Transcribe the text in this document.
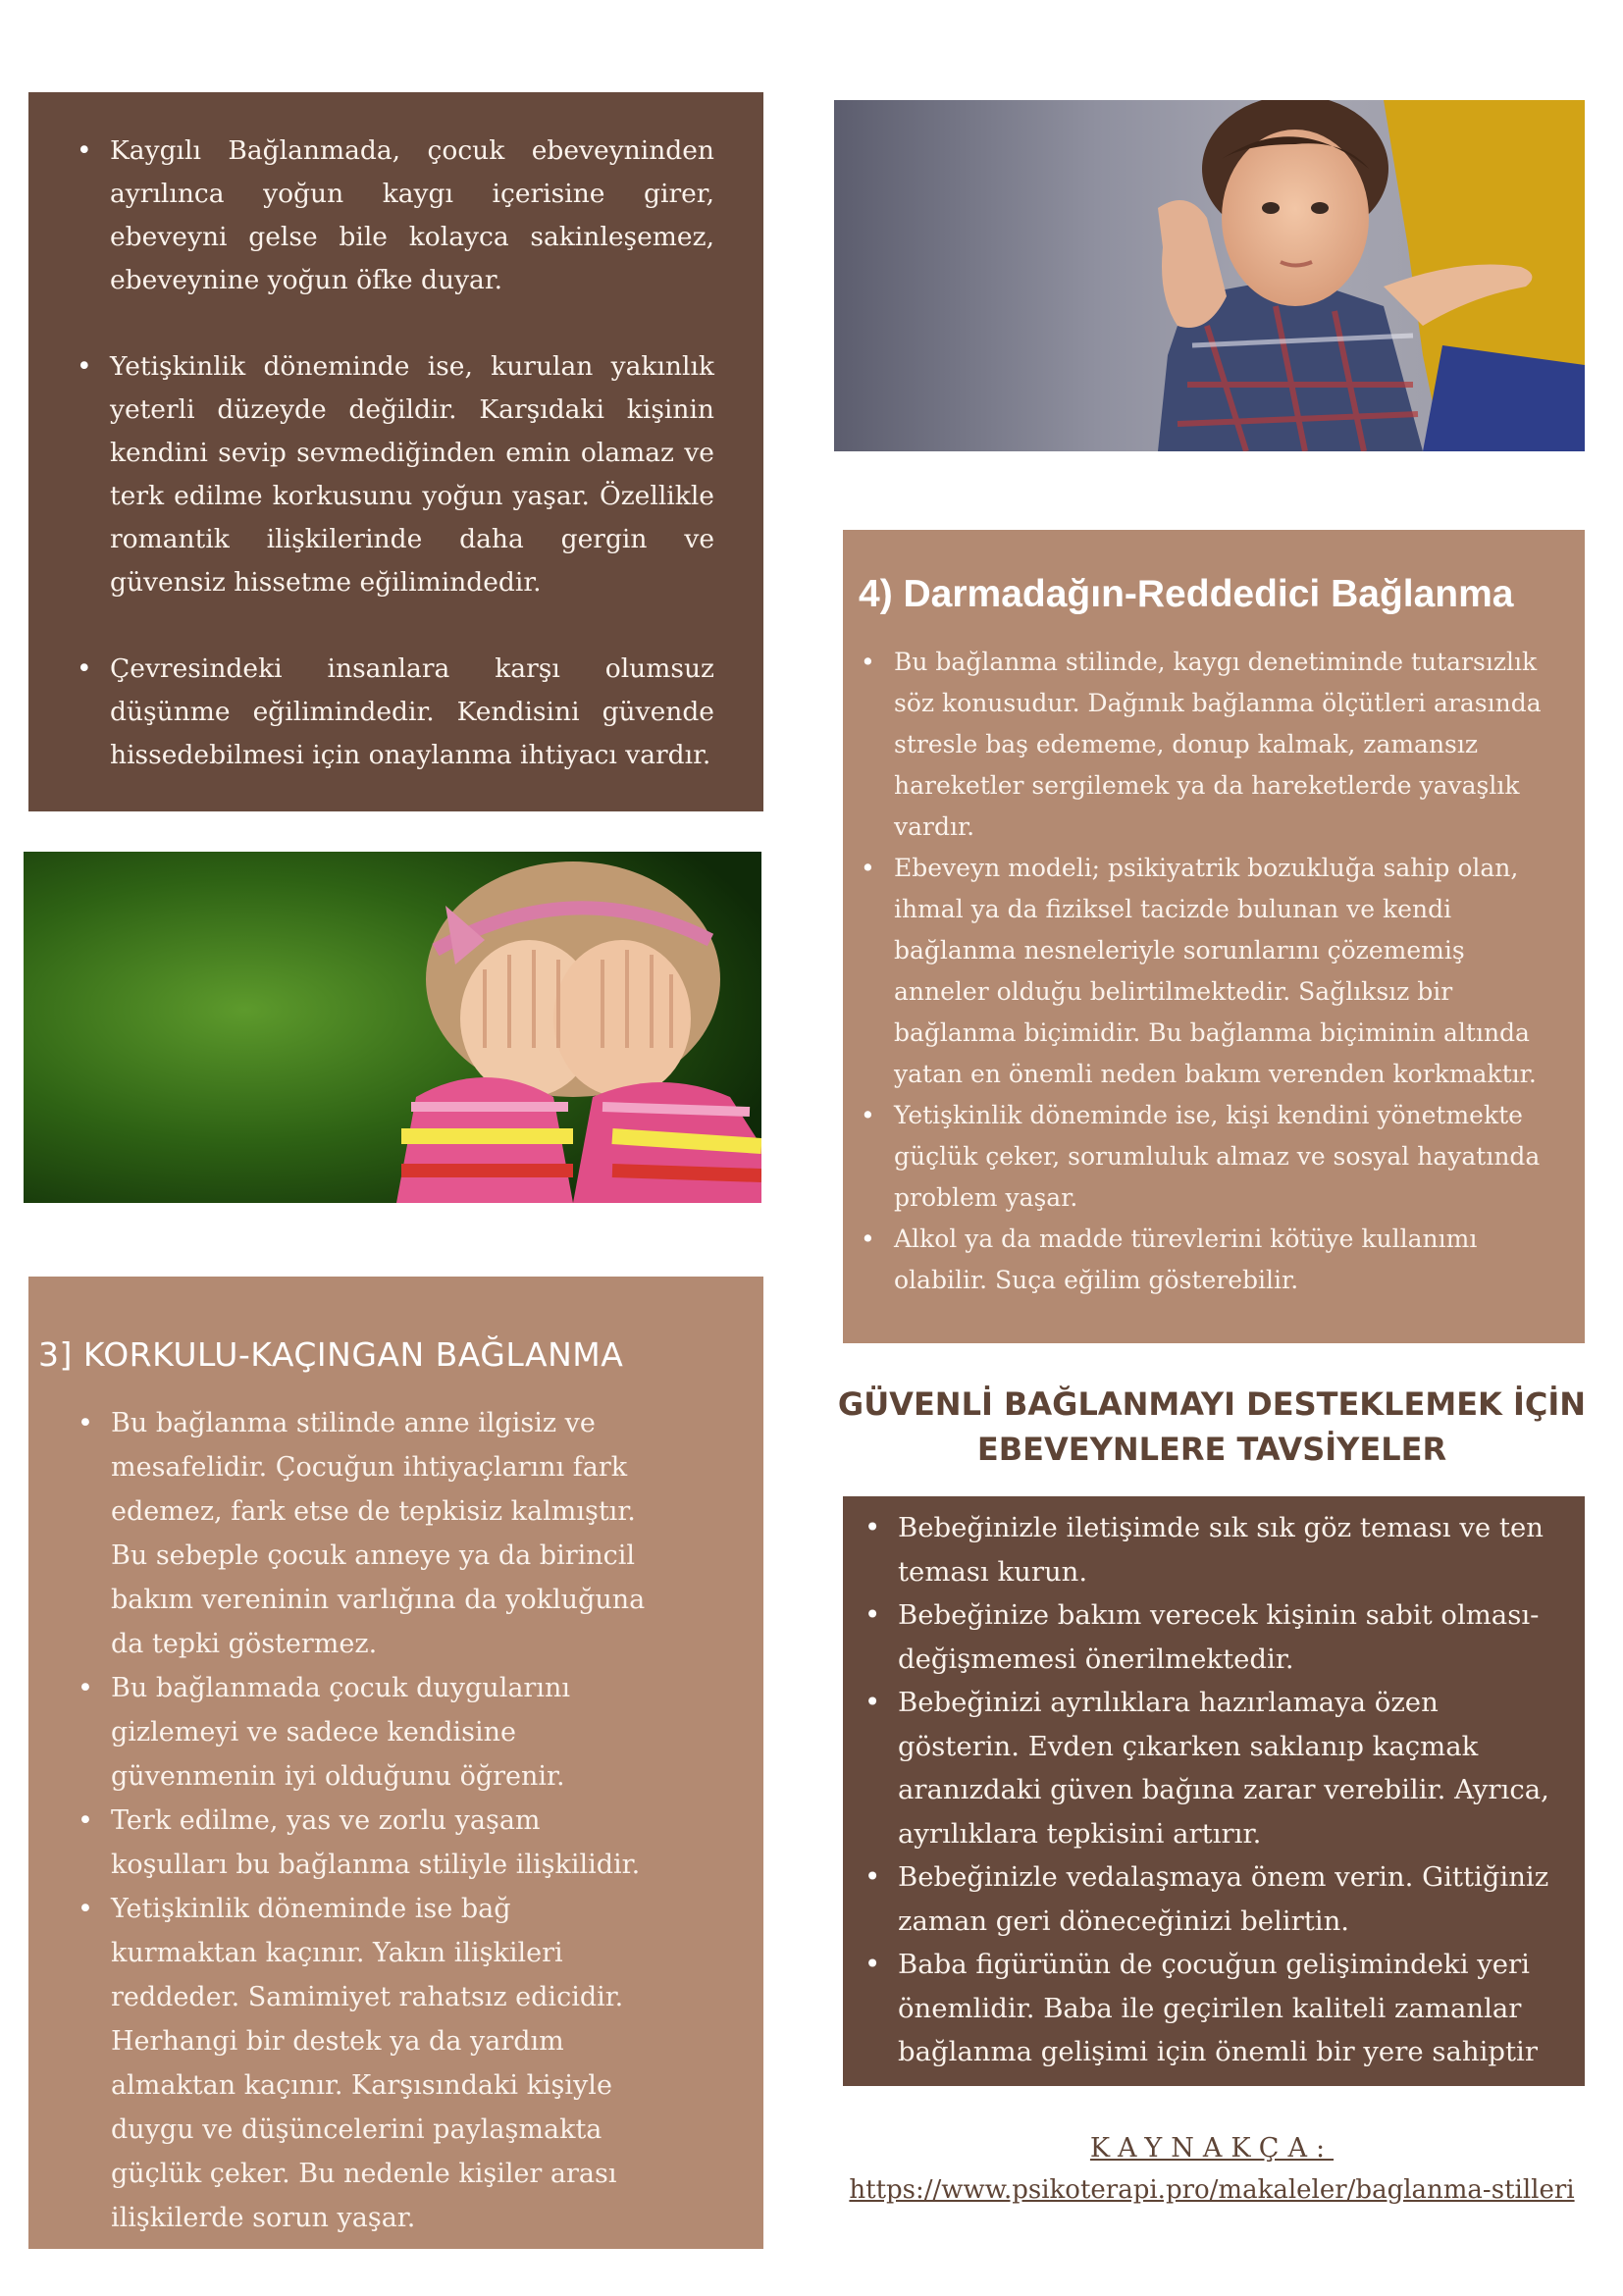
• Kaygılı Bağlanmada, çocuk ebeveyninden ayrılınca yoğun kaygı içerisine girer, ebeveyni gelse bile kolayca sakinleşemez, ebeveynine yoğun öfke duyar.
• Yetişkinlik döneminde ise, kurulan yakınlık yeterli düzeyde değildir. Karşıdaki kişinin kendini sevip sevmediğinden emin olamaz ve terk edilme korkusunu yoğun yaşar. Özellikle romantik ilişkilerinde daha gergin ve güvensiz hissetme eğilimindedir.
• Çevresindeki insanlara karşı olumsuz düşünme eğilimindedir. Kendisini güvende hissedebilmesi için onaylanma ihtiyacı vardır.
4) Darmadağın-Reddedici Bağlanma
• Bu bağlanma stilinde, kaygı denetiminde tutarsızlık söz konusudur. Dağınık bağlanma ölçütleri arasında stresle baş edememe, donup kalmak, zamansız hareketler sergilemek ya da hareketlerde yavaşlık vardır.
• Ebeveyn modeli; psikiyatrik bozukluğa sahip olan, ihmal ya da fiziksel tacizde bulunan ve kendi bağlanma nesneleriyle sorunlarını çözememiş anneler olduğu belirtilmektedir. Sağlıksız bir bağlanma biçimidir. Bu bağlanma biçiminin altında yatan en önemli neden bakım verenden korkmaktır.
• Yetişkinlik döneminde ise, kişi kendini yönetmekte güçlük çeker, sorumluluk almaz ve sosyal hayatında problem yaşar.
• Alkol ya da madde türevlerini kötüye kullanımı olabilir. Suça eğilim gösterebilir.
3] KORKULU-KAÇINGAN BAĞLANMA
• Bu bağlanma stilinde anne ilgisiz ve mesafelidir. Çocuğun ihtiyaçlarını fark edemez, fark etse de tepkisiz kalmıştır. Bu sebeple çocuk anneye ya da birincil bakım vereninin varlığına da yokluğuna da tepki göstermez.
• Bu bağlanmada çocuk duygularını gizlemeyi ve sadece kendisine güvenmenin iyi olduğunu öğrenir.
• Terk edilme, yas ve zorlu yaşam koşulları bu bağlanma stiliyle ilişkilidir.
• Yetişkinlik döneminde ise bağ kurmaktan kaçınır. Yakın ilişkileri reddeder. Samimiyet rahatsız edicidir. Herhangi bir destek ya da yardım almaktan kaçınır. Karşısındaki kişiyle duygu ve düşüncelerini paylaşmakta güçlük çeker. Bu nedenle kişiler arası ilişkilerde sorun yaşar.
GÜVENLİ BAĞLANMAYI DESTEKLEMEK İÇİN
EBEVEYNLERE TAVSİYELER
• Bebeğinizle iletişimde sık sık göz teması ve ten teması kurun.
• Bebeğinize bakım verecek kişinin sabit olması-değişmemesi önerilmektedir.
• Bebeğinizi ayrılıklara hazırlamaya özen gösterin. Evden çıkarken saklanıp kaçmak aranızdaki güven bağına zarar verebilir. Ayrıca, ayrılıklara tepkisini artırır.
• Bebeğinizle vedalaşmaya önem verin. Gittiğiniz zaman geri döneceğinizi belirtin.
• Baba figürünün de çocuğun gelişimindeki yeri önemlidir. Baba ile geçirilen kaliteli zamanlar bağlanma gelişimi için önemli bir yere sahiptir
KAYNAKÇA:
https://www.psikoterapi.pro/makaleler/baglanma-stilleri
